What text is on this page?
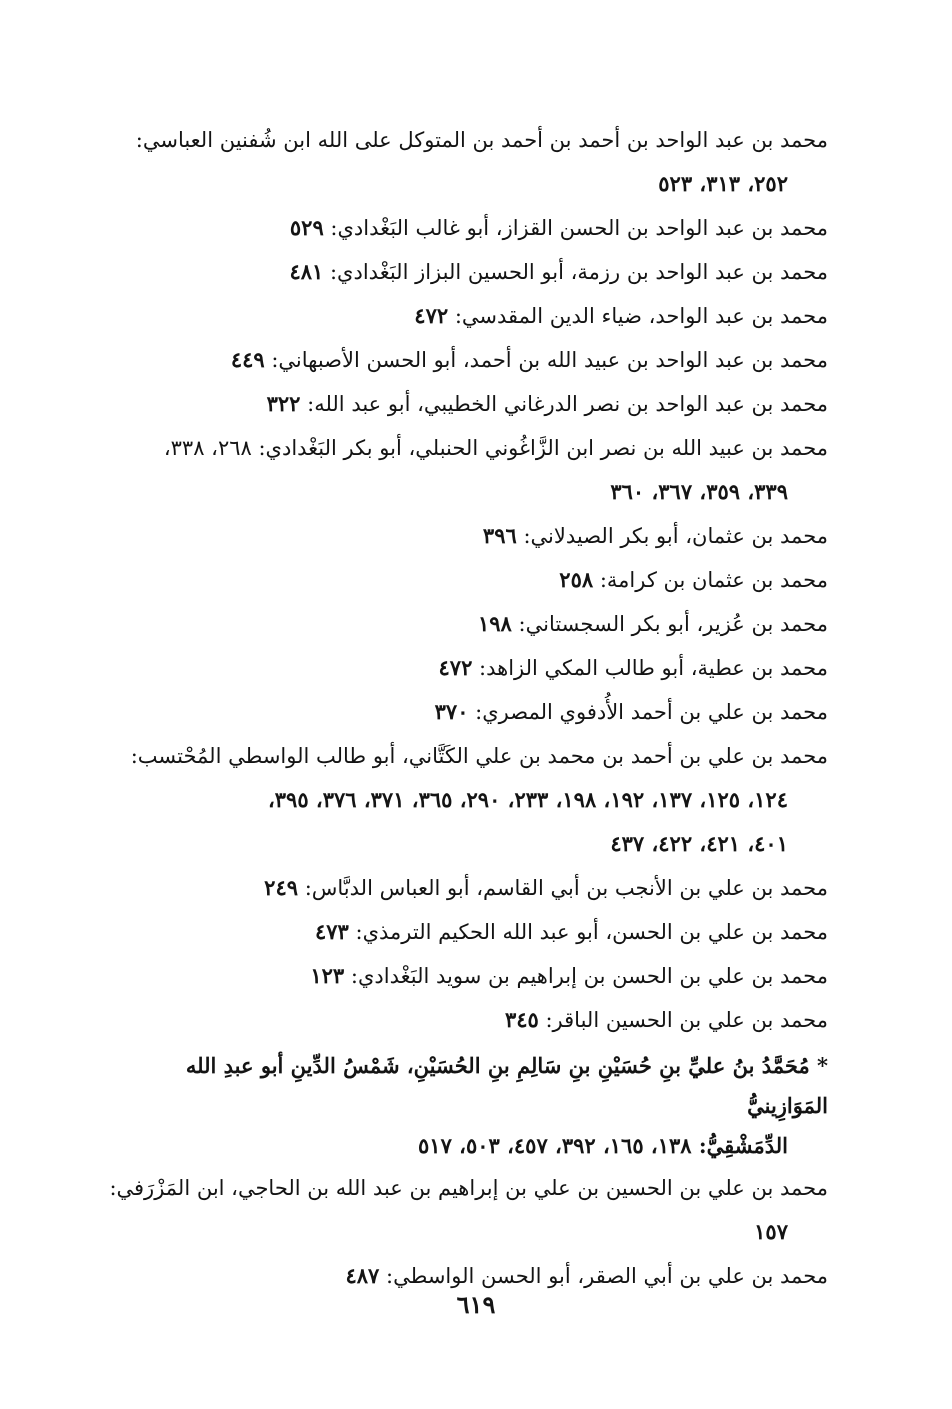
محمد بن عبد الواحد بن أحمد بن أحمد بن المتوكل على الله ابن شُفنين العباسي:
٢٥٢، ٣١٣، ٥٢٣
محمد بن عبد الواحد بن الحسن القزاز، أبو غالب البَغْدادي: ٥٢٩
محمد بن عبد الواحد بن رزمة، أبو الحسين البزاز البَغْدادي: ٤٨١
محمد بن عبد الواحد، ضياء الدين المقدسي: ٤٧٢
محمد بن عبد الواحد بن عبيد الله بن أحمد، أبو الحسن الأصبهاني: ٤٤٩
محمد بن عبد الواحد بن نصر الدرغاني الخطيبي، أبو عبد الله: ٣٢٢
محمد بن عبيد الله بن نصر ابن الزَّاغُوني الحنبلي، أبو بكر البَغْدادي: ٢٦٨، ٣٣٨،
٣٣٩، ٣٥٩، ٣٦٧، ٣٦٠
محمد بن عثمان، أبو بكر الصيدلاني: ٣٩٦
محمد بن عثمان بن كرامة: ٢٥٨
محمد بن عُزير، أبو بكر السجستاني: ١٩٨
محمد بن عطية، أبو طالب المكي الزاهد: ٤٧٢
محمد بن علي بن أحمد الأُدفوي المصري: ٣٧٠
محمد بن علي بن أحمد بن محمد بن علي الكَتَّاني، أبو طالب الواسطي المُحْتسب:
١٢٤، ١٢٥، ١٣٧، ١٩٢، ١٩٨، ٢٣٣، ٢٩٠، ٣٦٥، ٣٧١، ٣٧٦، ٣٩٥،
٤٠١، ٤٢١، ٤٢٢، ٤٣٧
محمد بن علي بن الأنجب بن أبي القاسم، أبو العباس الدبَّاس: ٢٤٩
محمد بن علي بن الحسن، أبو عبد الله الحكيم الترمذي: ٤٧٣
محمد بن علي بن الحسن بن إبراهيم بن سويد البَغْدادي: ١٢٣
محمد بن علي بن الحسين الباقر: ٣٤٥
* مُحَمَّدُ بنُ عليِّ بنِ حُسَيْنِ بنِ سَالِمِ بنِ الحُسَيْنِ، شَمْسُ الدِّينِ أبو عبدِ الله المَوَازِينيُّ
الدِّمَشْقِيُّ: ١٣٨، ١٦٥، ٣٩٢، ٤٥٧، ٥٠٣، ٥١٧
محمد بن علي بن الحسين بن علي بن إبراهيم بن عبد الله بن الحاجي، ابن المَزْرَفي:
١٥٧
محمد بن علي بن أبي الصقر، أبو الحسن الواسطي: ٤٨٧
٦١٩
